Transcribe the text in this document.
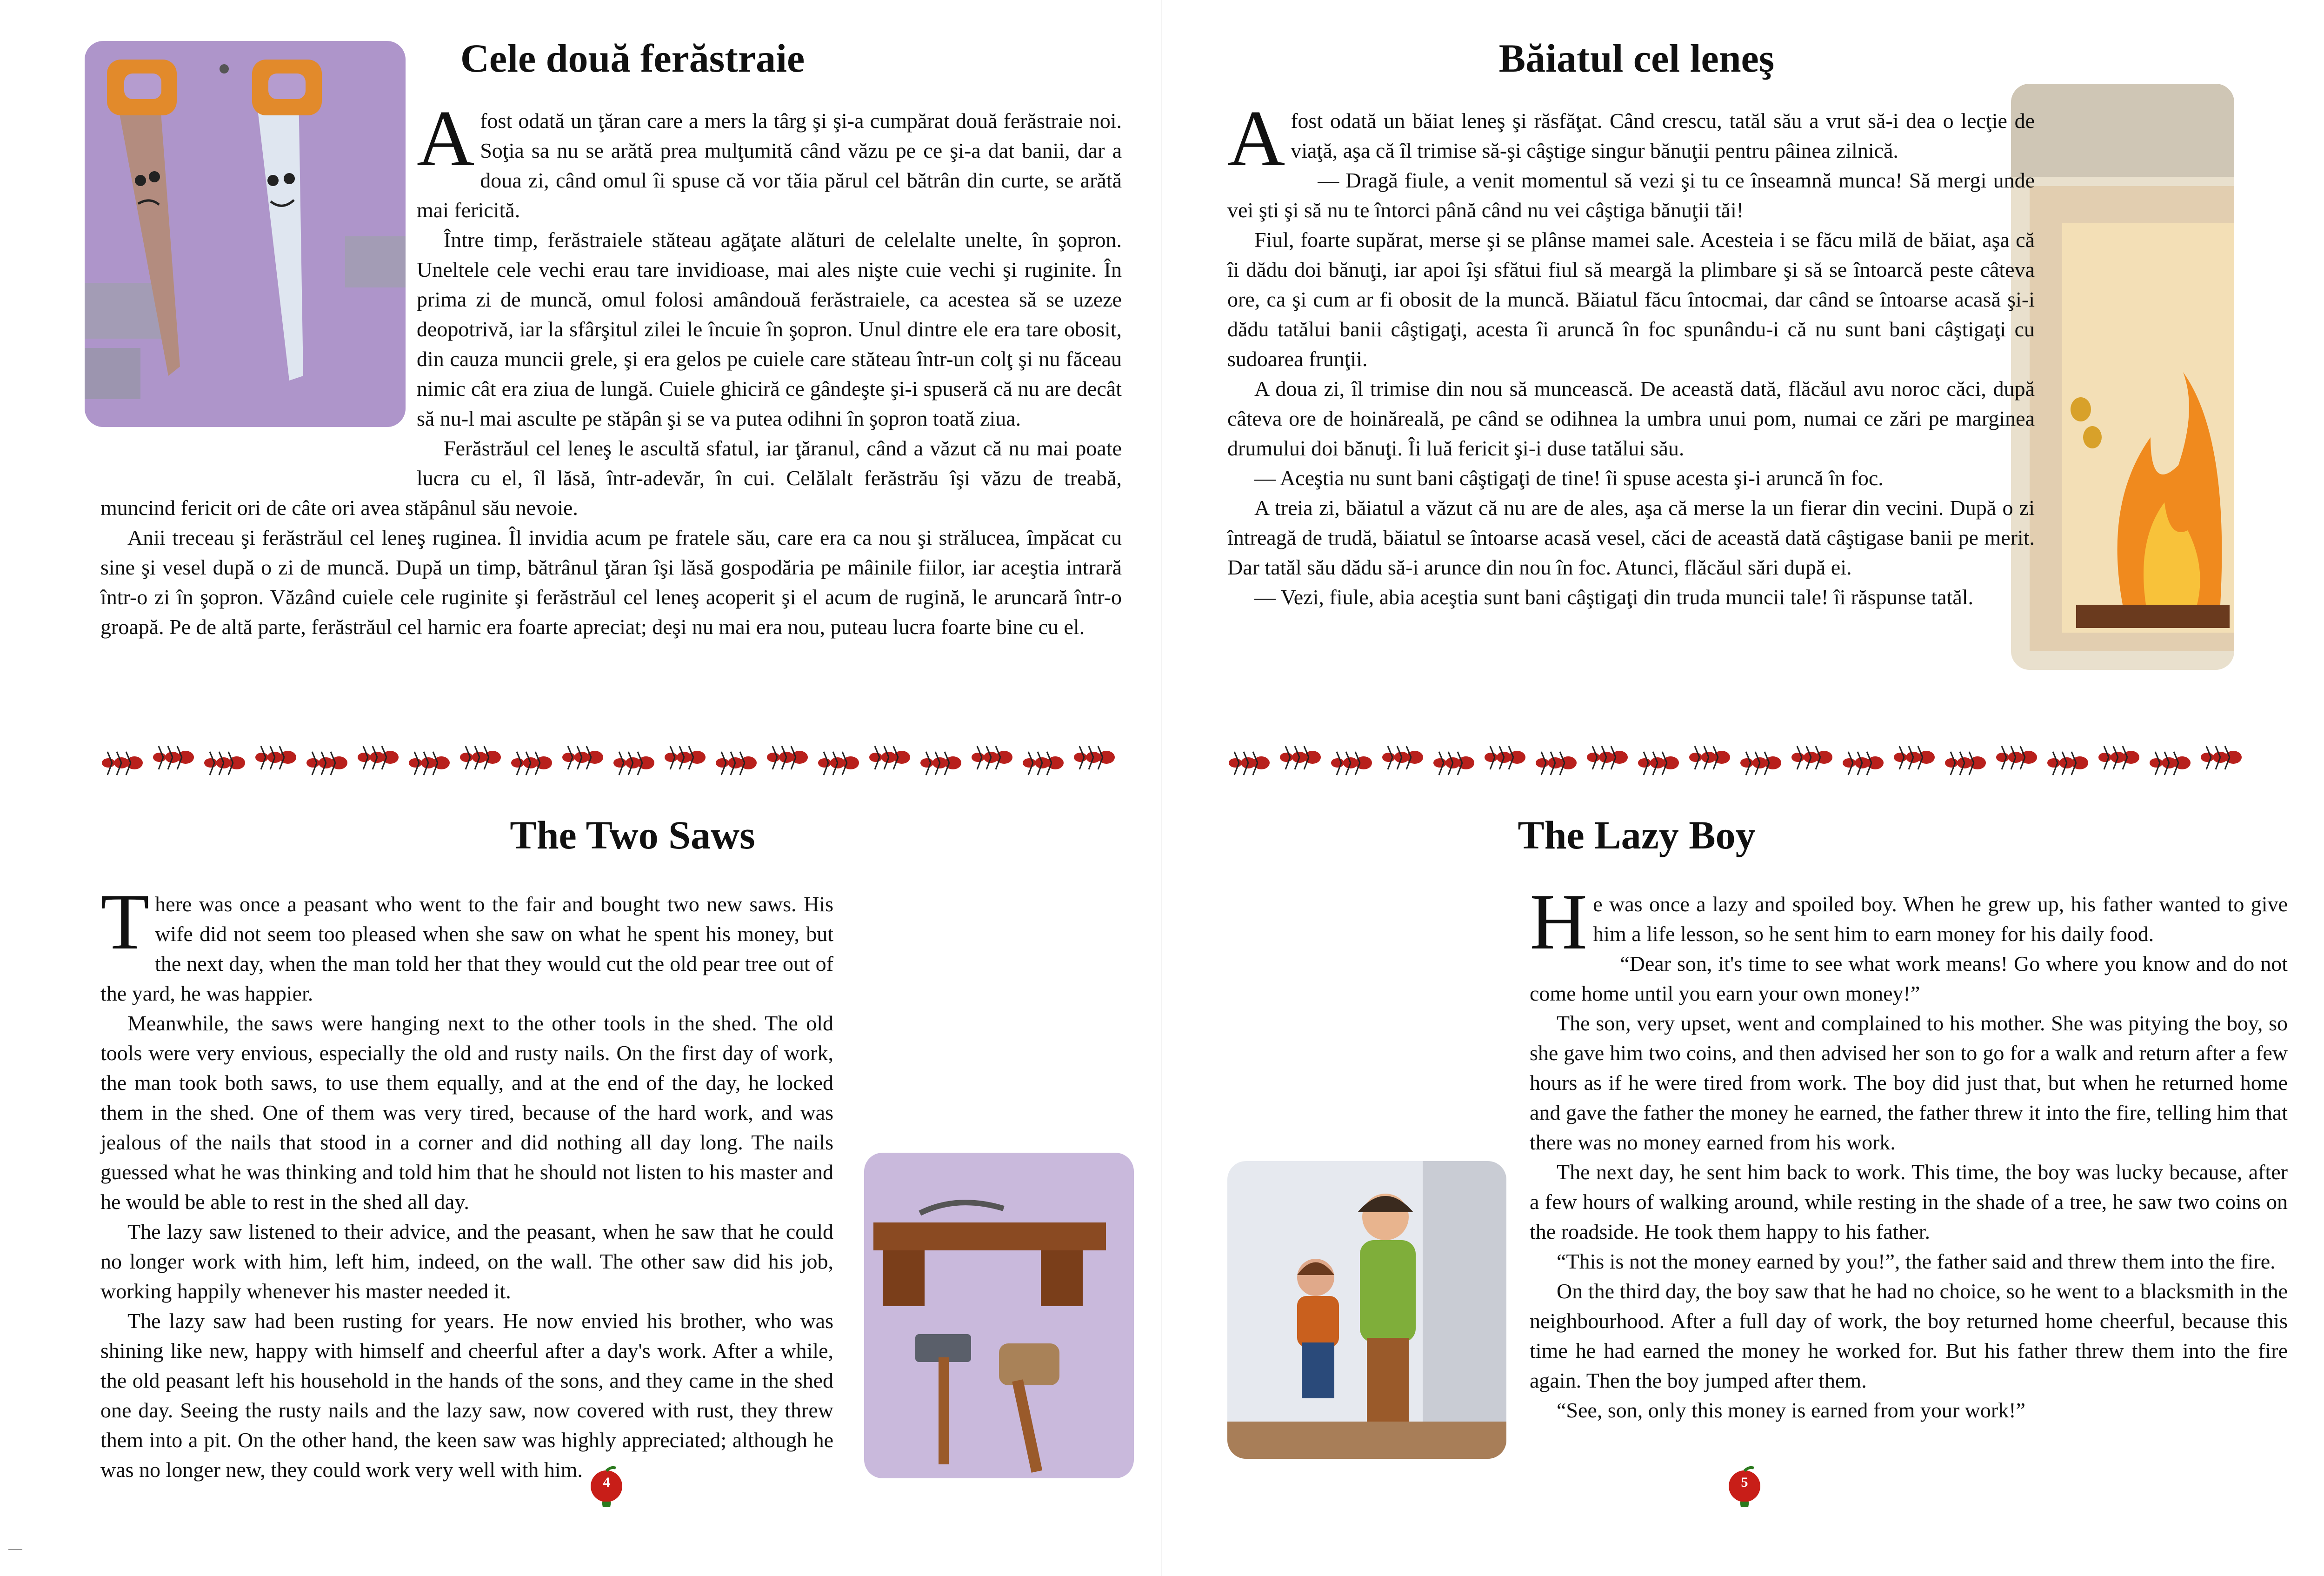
Cele două ferăstraie

Afost odată un ţăran care a mers la târg şi şi-a cumpărat două ferăstraie noi. Soţia sa nu se arătă prea mulţumită când văzu pe ce şi-a dat banii, dar a doua zi, când omul îi spuse că vor tăia părul cel bătrân din curte, se arătă mai fericită.

Între timp, ferăstraiele stăteau agăţate alături de celelalte unelte, în şopron. Uneltele cele vechi erau tare invidioase, mai ales nişte cuie vechi şi ruginite. În prima zi de muncă, omul folosi amândouă ferăstraiele, ca acestea să se uzeze deopotrivă, iar la sfârşitul zilei le încuie în şopron. Unul dintre ele era tare obosit, din cauza muncii grele, şi era gelos pe cuiele care stăteau într-un colţ şi nu făceau nimic cât era ziua de lungă. Cuiele ghiciră ce gândeşte şi-i spuseră că nu are decât să nu-l mai asculte pe stăpân şi se va putea odihni în şopron toată ziua.

Ferăstrăul cel leneş le ascultă sfatul, iar ţăranul, când a văzut că nu mai poate lucra cu el, îl lăsă, într-adevăr, în cui. Celălalt ferăstrău îşi văzu de treabă, muncind fericit ori de câte ori avea stăpânul său nevoie.

Anii treceau şi ferăstrăul cel leneş ruginea. Îl invidia acum pe fratele său, care era ca nou şi strălucea, împăcat cu sine şi vesel după o zi de muncă. După un timp, bătrânul ţăran îşi lăsă gospodăria pe mâinile fiilor, iar aceştia intrară într-o zi în şopron. Văzând cuiele cele ruginite şi ferăstrăul cel leneş acoperit şi el acum de rugină, le aruncară într-o groapă. Pe de altă parte, ferăstrăul cel harnic era foarte apreciat; deşi nu mai era nou, puteau lucra foarte bine cu el.

The Two Saws

There was once a peasant who went to the fair and bought two new saws. His wife did not seem too pleased when she saw on what he spent his money, but the next day, when the man told her that they would cut the old pear tree out of the yard, he was happier.

Meanwhile, the saws were hanging next to the other tools in the shed. The old tools were very envious, especially the old and rusty nails. On the first day of work, the man took both saws, to use them equally, and at the end of the day, he locked them in the shed. One of them was very tired, because of the hard work, and was jealous of the nails that stood in a corner and did nothing all day long. The nails guessed what he was thinking and told him that he should not listen to his master and he would be able to rest in the shed all day.

The lazy saw listened to their advice, and the peasant, when he saw that he could no longer work with him, left him, indeed, on the wall. The other saw did his job, working happily whenever his master needed it.

The lazy saw had been rusting for years. He now envied his brother, who was shining like new, happy with himself and cheerful after a day's work. After a while, the old peasant left his household in the hands of the sons, and they came in the shed one day. Seeing the rusty nails and the lazy saw, now covered with rust, they threw them into a pit. On the other hand, the keen saw was highly appreciated; although he was no longer new, they could work very well with him.

4
Băiatul cel leneş

Afost odată un băiat leneş şi răsfăţat. Când crescu, tatăl său a vrut să-i dea o lecţie de viaţă, aşa că îl trimise să-şi câştige singur bănuţii pentru pâinea zilnică.

— Dragă fiule, a venit momentul să vezi şi tu ce înseamnă munca! Să mergi unde vei şti şi să nu te întorci până când nu vei câştiga bănuţii tăi!

Fiul, foarte supărat, merse şi se plânse mamei sale. Acesteia i se făcu milă de băiat, aşa că îi dădu doi bănuţi, iar apoi îşi sfătui fiul să meargă la plimbare şi să se întoarcă peste câteva ore, ca şi cum ar fi obosit de la muncă. Băiatul făcu întocmai, dar când se întoarse acasă şi-i dădu tatălui banii câştigaţi, acesta îi aruncă în foc spunându-i că nu sunt bani câştigaţi cu sudoarea frunţii.

A doua zi, îl trimise din nou să muncească. De această dată, flăcăul avu noroc căci, după câteva ore de hoinăreală, pe când se odihnea la umbra unui pom, numai ce zări pe marginea drumului doi bănuţi. Îi luă fericit şi-i duse tatălui său.

— Aceştia nu sunt bani câştigaţi de tine! îi spuse acesta şi-i aruncă în foc.

A treia zi, băiatul a văzut că nu are de ales, aşa că merse la un fierar din vecini. După o zi întreagă de trudă, băiatul se întoarse acasă vesel, căci de această dată câştigase banii pe merit. Dar tatăl său dădu să-i arunce din nou în foc. Atunci, flăcăul sări după ei.

— Vezi, fiule, abia aceştia sunt bani câştigaţi din truda muncii tale! îi răspunse tatăl.

The Lazy Boy

He was once a lazy and spoiled boy. When he grew up, his father wanted to give him a life lesson, so he sent him to earn money for his daily food.

“Dear son, it's time to see what work means! Go where you know and do not come home until you earn your own money!”

The son, very upset, went and complained to his mother. She was pitying the boy, so she gave him two coins, and then advised her son to go for a walk and return after a few hours as if he were tired from work. The boy did just that, but when he returned home and gave the father the money he earned, the father threw it into the fire, telling him that there was no money earned from his work.

The next day, he sent him back to work. This time, the boy was lucky because, after a few hours of walking around, while resting in the shade of a tree, he saw two coins on the roadside. He took them happy to his father.

“This is not the money earned by you!”, the father said and threw them into the fire.

On the third day, the boy saw that he had no choice, so he went to a blacksmith in the neighbourhood. After a full day of work, the boy returned home cheerful, because this time he had earned the money he worked for. But his father threw them into the fire again. Then the boy jumped after them.

“See, son, only this money is earned from your work!”

5
